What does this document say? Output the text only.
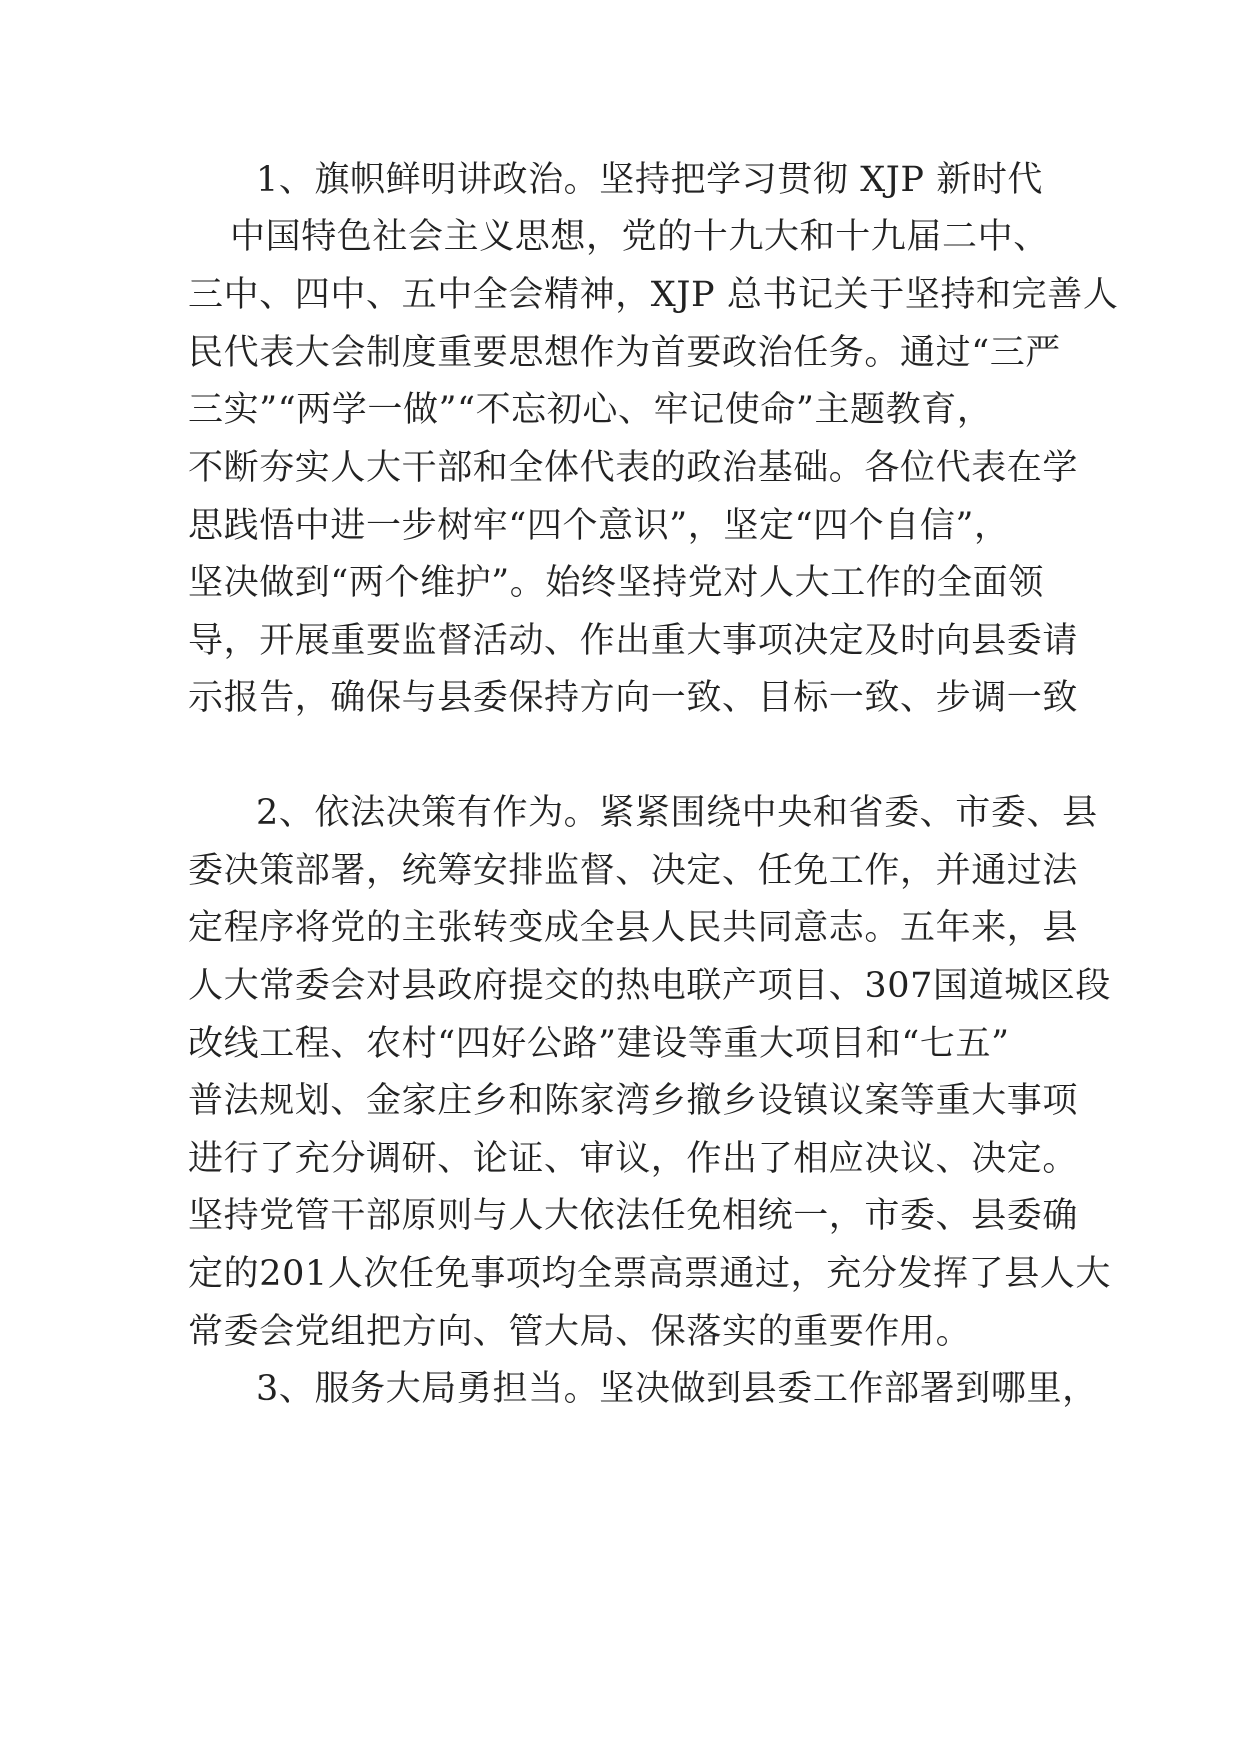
1、旗帜鲜明讲政治。坚持把学习贯彻 XJP 新时代
中国特色社会主义思想，党的十九大和十九届二中、
三中、四中、五中全会精神，XJP 总书记关于坚持和完善人
民代表大会制度重要思想作为首要政治任务。通过“三严
三实”“两学一做”“不忘初心、牢记使命”主题教育，
不断夯实人大干部和全体代表的政治基础。各位代表在学
思践悟中进一步树牢“四个意识”，坚定“四个自信”，
坚决做到“两个维护”。始终坚持党对人大工作的全面领
导，开展重要监督活动、作出重大事项决定及时向县委请
示报告，确保与县委保持方向一致、目标一致、步调一致
2、依法决策有作为。紧紧围绕中央和省委、市委、县
委决策部署，统筹安排监督、决定、任免工作，并通过法
定程序将党的主张转变成全县人民共同意志。五年来，县
人大常委会对县政府提交的热电联产项目、307国道城区段
改线工程、农村“四好公路”建设等重大项目和“七五”
普法规划、金家庄乡和陈家湾乡撤乡设镇议案等重大事项
进行了充分调研、论证、审议，作出了相应决议、决定。
坚持党管干部原则与人大依法任免相统一，市委、县委确
定的201人次任免事项均全票高票通过，充分发挥了县人大
常委会党组把方向、管大局、保落实的重要作用。
3、服务大局勇担当。坚决做到县委工作部署到哪里，
